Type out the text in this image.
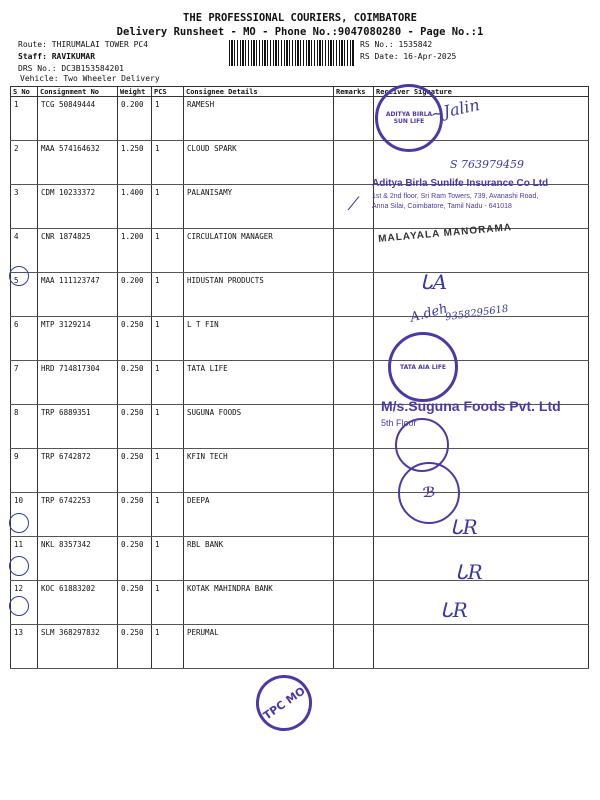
THE PROFESSIONAL COURIERS, COIMBATORE
Delivery Runsheet - MO - Phone No.:9047080280 - Page No.:1
Route: THIRUMALAI TOWER PC4
Staff: RAVIKUMAR
DRS No.: DC3B153584201
Vehicle: Two Wheeler Delivery
RS No.: 1535842
RS Date: 16-Apr-2025
S No	Consignment No	Weight	PCS	Consignee Details	Remarks	Receiver Signature
1	TCG 50849444	0.200	1	RAMESH		
2	MAA 574164632	1.250	1	CLOUD SPARK		
3	CDM 10233372	1.400	1	PALANISAMY		
4	CNR 1874825	1.200	1	CIRCULATION MANAGER		
5	MAA 111123747	0.200	1	HIDUSTAN PRODUCTS		
6	MTP 3129214	0.250	1	L T FIN		
7	HRD 714817304	0.250	1	TATA LIFE		
8	TRP 6889351	0.250	1	SUGUNA FOODS		
9	TRP 6742872	0.250	1	KFIN TECH		
10	TRP 6742253	0.250	1	DEEPA		
11	NKL 8357342	0.250	1	RBL BANK		
12	KOC 61883202	0.250	1	KOTAK MAHINDRA BANK		
13	SLM 368297832	0.250	1	PERUMAL		
ADITYA BIRLA SUN LIFE ~Jalin
S 763979459
Aditya Birla Sunlife Insurance Co Ltd
1st & 2nd floor, Sri Ram Towers, 739, Avanashi Road,
Anna Silai, Coimbatore, Tamil Nadu - 641018
⁄
MALAYALA MANORAMA
ᒐA
A.deh
9358295618
TATA AIA LIFE
M/s.Suguna Foods Pvt. Ltd
5th Floor
ℬ
ᒐR
ᒐR
ᒐR
TPC MO
